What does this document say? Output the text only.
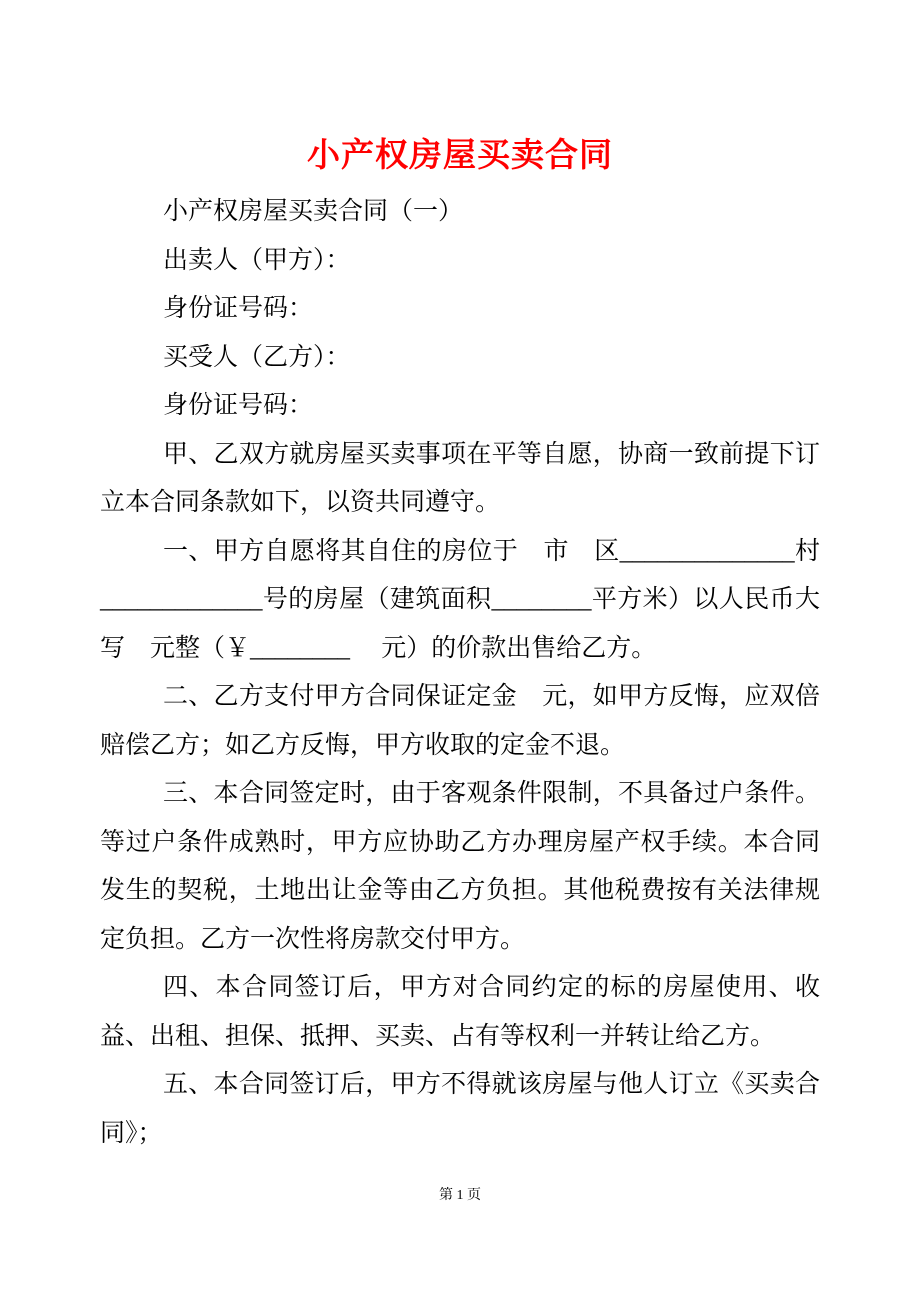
小产权房屋买卖合同

小产权房屋买卖合同（一）

出卖人（甲方）：

身份证号码：

买受人（乙方）：

身份证号码：

甲、乙双方就房屋买卖事项在平等自愿，协商一致前提下订立本合同条款如下，以资共同遵守。

一、甲方自愿将其自住的房位于　市　区______________村_____________号的房屋（建筑面积________平方米）以人民币大写　元整（￥________　 元）的价款出售给乙方。

二、乙方支付甲方合同保证定金　元，如甲方反悔，应双倍赔偿乙方；如乙方反悔，甲方收取的定金不退。

三、本合同签定时，由于客观条件限制，不具备过户条件。等过户条件成熟时，甲方应协助乙方办理房屋产权手续。本合同发生的契税，土地出让金等由乙方负担。其他税费按有关法律规定负担。乙方一次性将房款交付甲方。

四、本合同签订后，甲方对合同约定的标的房屋使用、收益、出租、担保、抵押、买卖、占有等权利一并转让给乙方。

五、本合同签订后，甲方不得就该房屋与他人订立《买卖合同》；

第 1 页
